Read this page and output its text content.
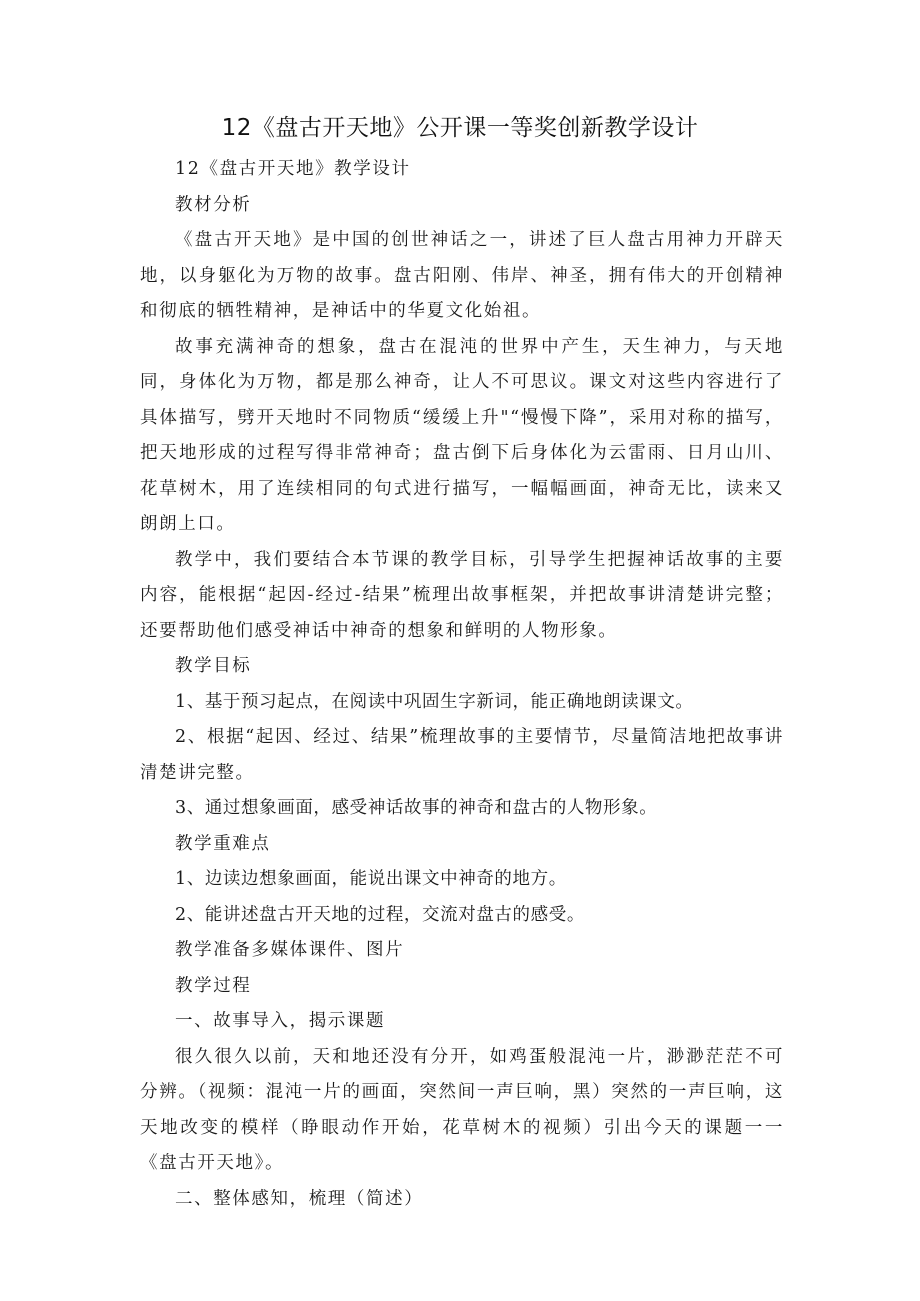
12《盘古开天地》公开课一等奖创新教学设计

12《盘古开天地》教学设计

教材分析

《盘古开天地》是中国的创世神话之一，讲述了巨人盘古用神力开辟天地，以身躯化为万物的故事。盘古阳刚、伟岸、神圣，拥有伟大的开创精神和彻底的牺牲精神，是神话中的华夏文化始祖。

故事充满神奇的想象，盘古在混沌的世界中产生，天生神力，与天地同，身体化为万物，都是那么神奇，让人不可思议。课文对这些内容进行了具体描写，劈开天地时不同物质“缓缓上升"“慢慢下降”，采用对称的描写，把天地形成的过程写得非常神奇；盘古倒下后身体化为云雷雨、日月山川、花草树木，用了连续相同的句式进行描写，一幅幅画面，神奇无比，读来又朗朗上口。

教学中，我们要结合本节课的教学目标，引导学生把握神话故事的主要内容，能根据“起因-经过-结果”梳理出故事框架，并把故事讲清楚讲完整；还要帮助他们感受神话中神奇的想象和鲜明的人物形象。

教学目标

1、基于预习起点，在阅读中巩固生字新词，能正确地朗读课文。

2、根据“起因、经过、结果”梳理故事的主要情节，尽量简洁地把故事讲清楚讲完整。

3、通过想象画面，感受神话故事的神奇和盘古的人物形象。

教学重难点

1、边读边想象画面，能说出课文中神奇的地方。

2、能讲述盘古开天地的过程，交流对盘古的感受。

教学准备多媒体课件、图片

教学过程

一、故事导入，揭示课题

很久很久以前，天和地还没有分开，如鸡蛋般混沌一片，渺渺茫茫不可分辨。（视频：混沌一片的画面，突然间一声巨响，黑）突然的一声巨响，这天地改变的模样（睁眼动作开始，花草树木的视频）引出今天的课题一一《盘古开天地》。

二、整体感知，梳理（简述）
